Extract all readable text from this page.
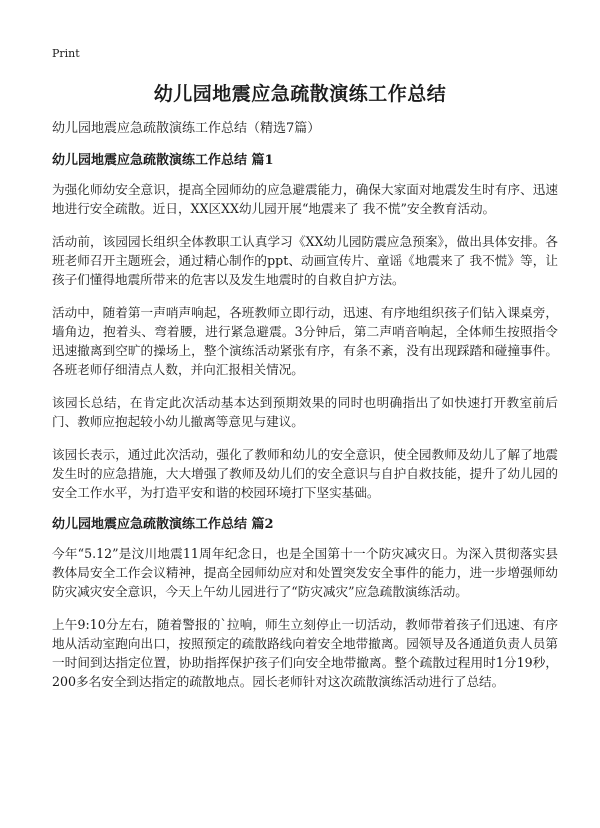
Print
幼儿园地震应急疏散演练工作总结

幼儿园地震应急疏散演练工作总结（精选7篇）

幼儿园地震应急疏散演练工作总结 篇1

为强化师幼安全意识，提高全园师幼的应急避震能力，确保大家面对地震发生时有序、迅速地进行安全疏散。近日，XX区XX幼儿园开展“地震来了 我不慌”安全教育活动。

活动前，该园园长组织全体教职工认真学习《XX幼儿园防震应急预案》，做出具体安排。各班老师召开主题班会，通过精心制作的ppt、动画宣传片、童谣《地震来了 我不慌》等，让孩子们懂得地震所带来的危害以及发生地震时的自救自护方法。

活动中，随着第一声哨声响起，各班教师立即行动，迅速、有序地组织孩子们钻入课桌旁，墙角边，抱着头、弯着腰，进行紧急避震。3分钟后，第二声哨音响起，全体师生按照指令迅速撤离到空旷的操场上，整个演练活动紧张有序，有条不紊，没有出现踩踏和碰撞事件。各班老师仔细清点人数，并向汇报相关情况。

该园长总结，在肯定此次活动基本达到预期效果的同时也明确指出了如快速打开教室前后门、教师应抱起较小幼儿撤离等意见与建议。

该园长表示，通过此次活动，强化了教师和幼儿的安全意识，使全园教师及幼儿了解了地震发生时的应急措施，大大增强了教师及幼儿们的安全意识与自护自救技能，提升了幼儿园的安全工作水平，为打造平安和谐的校园环境打下坚实基础。

幼儿园地震应急疏散演练工作总结 篇2

今年“5.12”是汶川地震11周年纪念日，也是全国第十一个防灾减灾日。为深入贯彻落实县教体局安全工作会议精神，提高全园师幼应对和处置突发安全事件的能力，进一步增强师幼防灾减灾安全意识，今天上午幼儿园进行了“防灾减灾”应急疏散演练活动。

上午9:10分左右，随着警报的`拉响，师生立刻停止一切活动，教师带着孩子们迅速、有序地从活动室跑向出口，按照预定的疏散路线向着安全地带撤离。园领导及各通道负责人员第一时间到达指定位置，协助指挥保护孩子们向安全地带撤离。整个疏散过程用时1分19秒，200多名安全到达指定的疏散地点。园长老师针对这次疏散演练活动进行了总结。
